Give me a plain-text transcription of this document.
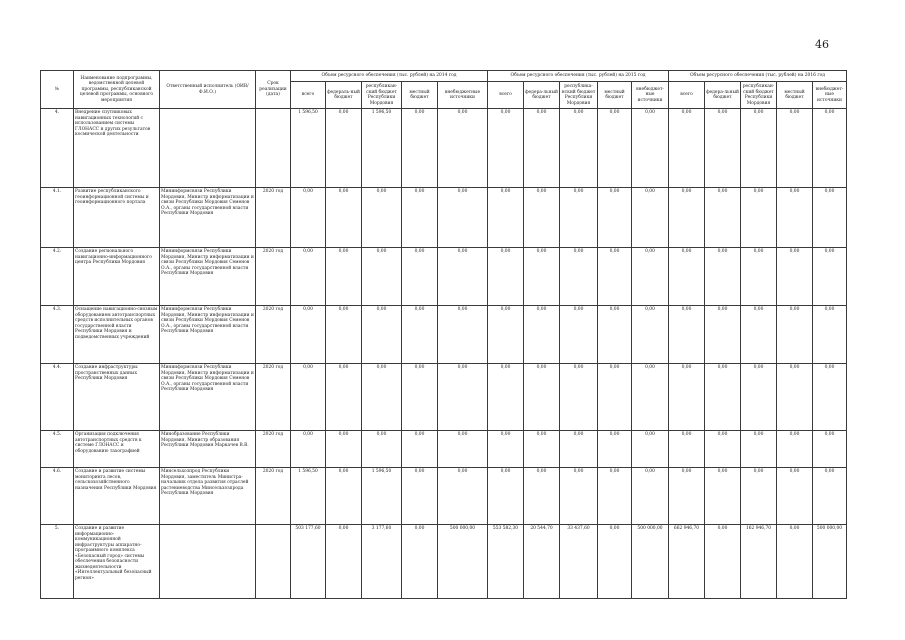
46
№	Наименование подпрограммы, ведомственной целевой программы, республиканской целевой программы, основного мероприятия	Ответственный исполнитель (ОИВ/Ф.И.О.)	Срок реализации (дата)	Объем ресурсного обеспечения (тыс. рублей) на 2014 год					Объем ресурсного обеспечения (тыс. рублей) на 2015 год					Объем ресурсного обеспечения (тыс. рублей) на 2016 год				
				всего	федераль-ный бюджет	республикан-ский бюджет Республики Мордовия	местный бюджет	внебюджетные источники	всего	федера-льный бюджет	республика-нский бюджет Республики Мордовия	местный бюджет	внебюджет-ные источники	всего	федера-льный бюджет	республикан-ский бюджет Республики Мордовия	местный бюджет	внебюджет-ные источники
4.	Внедрение спутниковых навигационных технологий с использованием системы ГЛОНАСС и других результатов космической деятельности			1 596,50	0,00	1 596,50	0,00	0,00	0,00	0,00	0,00	0,00	0,00	0,00	0,00	0,00	0,00	0,00
4.1.	Развитие республиканского геоинформационной системы и геоинформационного портала	Мининформсвязи Республики Мордовия, Министр информатизации и связи Республики Мордовия Семенов О.А., органы государственной власти Республики Мордовия	2020 год	0,00	0,00	0,00	0,00	0,00	0,00	0,00	0,00	0,00	0,00	0,00	0,00	0,00	0,00	0,00
4.2.	Создание регионального навигационно-информационного центра Республики Мордовия	Мининформсвязи Республики Мордовия, Министр информатизации и связи Республики Мордовия Семенов О.А., органы государственной власти Республики Мордовия	2020 год	0,00	0,00	0,00	0,00	0,00	0,00	0,00	0,00	0,00	0,00	0,00	0,00	0,00	0,00	0,00
4.3.	Оснащение навигационно-связным оборудованием автотранспортных средств исполнительных органов государственной власти Республики Мордовия и подведомственных учреждений	Мининформсвязи Республики Мордовия, Министр информатизации и связи Республики Мордовия Семенов О.А., органы государственной власти Республики Мордовия	2020 год	0,00	0,00	0,00	0,00	0,00	0,00	0,00	0,00	0,00	0,00	0,00	0,00	0,00	0,00	0,00
4.4.	Создание инфраструктуры пространственных данных Республики Мордовия	Мининформсвязи Республики Мордовия, Министр информатизации и связи Республики Мордовия Семенов О.А., органы государственной власти Республики Мордовия	2020 год	0,00	0,00	0,00	0,00	0,00	0,00	0,00	0,00	0,00	0,00	0,00	0,00	0,00	0,00	0,00
4.5.	Организация подключения автотранспортных средств к системе ГЛОНАСС и оборудованию тахографией	Минобразование Республики Мордовия, Министр образования Республики Мордовия Маркачев В.В.	2020 год	0,00	0,00	0,00	0,00	0,00	0,00	0,00	0,00	0,00	0,00	0,00	0,00	0,00	0,00	0,00
4.6.	Создание и развитие системы мониторинга лесов, сельскохозяйственного назначения Республики Мордовия	Минсельхозпрод Республики Мордовия, заместитель Министра-начальник отдела развития отраслей растениеводства Минсельхозпрода Республики Мордовия	2020 год	1 596,50	0,00	1 596,50	0,00	0,00	0,00	0,00	0,00	0,00	0,00	0,00	0,00	0,00	0,00	0,00
5.	Создание и развитие информационно-коммуникационной инфраструктуры аппаратно-программного комплекса «Безопасный город» системы обеспечения безопасности жизнедеятельности «Интеллектуальный безопасный регион»			503 177,60	0,00	3 177,60	0,00	500 000,00	553 582,30	20 544,70	33 437,60	0,00	500 000,00	662 946,70	0,00	162 946,70	0,00	500 000,00
